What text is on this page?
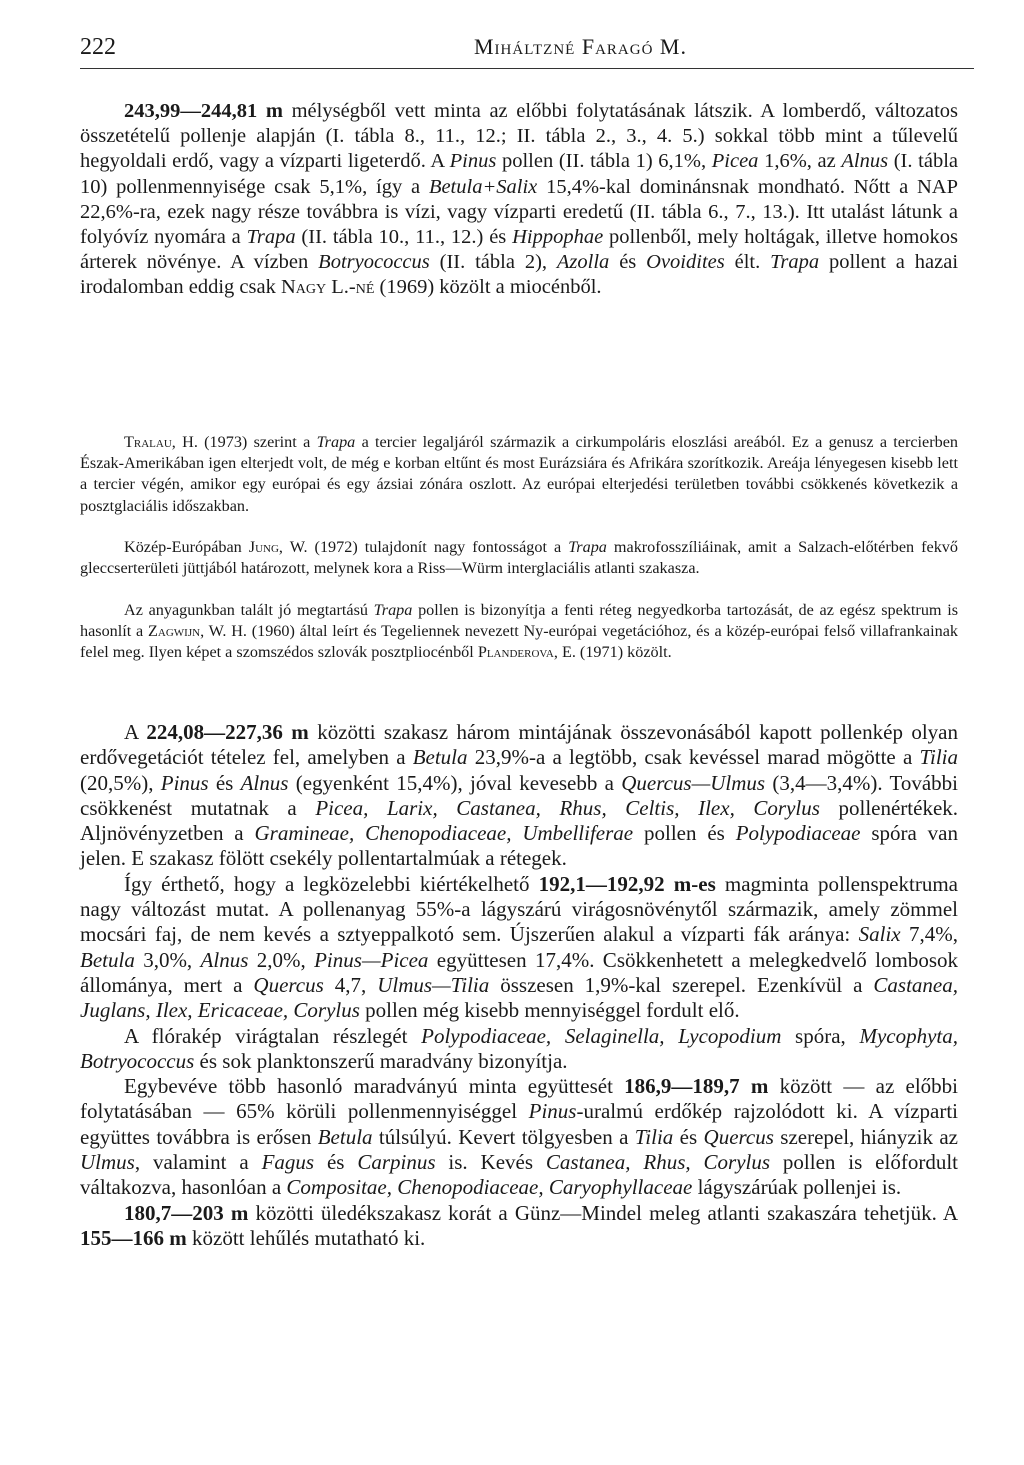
222	Miháltzné Faragó M.

243,99—244,81 m mélységből vett minta az előbbi folytatásának látszik. A lomberdő, változatos összetételű pollenje alapján (I. tábla 8., 11., 12.; II. tábla 2., 3., 4. 5.) sokkal több mint a tűlevelű hegyoldali erdő, vagy a vízparti ligeterdő. A Pinus pollen (II. tábla 1) 6,1%, Picea 1,6%, az Alnus (I. tábla 10) pollenmennyisége csak 5,1%, így a Betula+Salix 15,4%-kal dominánsnak mondható. Nőtt a NAP 22,6%-ra, ezek nagy része továbbra is vízi, vagy vízparti eredetű (II. tábla 6., 7., 13.). Itt utalást látunk a folyóvíz nyomára a Trapa (II. tábla 10., 11., 12.) és Hippophae pollenből, mely holtágak, illetve homokos árterek növénye. A vízben Botryococcus (II. tábla 2), Azolla és Ovoidites élt. Trapa pollent a hazai irodalomban eddig csak Nagy L.-né (1969) közölt a miocénből.

Tralau, H. (1973) szerint a Trapa a tercier legaljáról származik a cirkumpoláris eloszlási areából. Ez a genusz a tercierben Észak-Amerikában igen elterjedt volt, de még e korban eltűnt és most Eurázsiára és Afrikára szorítkozik. Areája lényegesen kisebb lett a tercier végén, amikor egy európai és egy ázsiai zónára oszlott. Az európai elterjedési területben további csökkenés következik a posztglaciális időszakban.

Közép-Európában Jung, W. (1972) tulajdonít nagy fontosságot a Trapa makrofosszíliáinak, amit a Salzach-előtérben fekvő gleccserterületi jüttjából határozott, melynek kora a Riss—Würm interglaciális atlanti szakasza.

Az anyagunkban talált jó megtartású Trapa pollen is bizonyítja a fenti réteg negyedkorba tartozását, de az egész spektrum is hasonlít a Zagwijn, W. H. (1960) által leírt és Tegeliennek nevezett Ny-európai vegetációhoz, és a közép-európai felső villafrankainak felel meg. Ilyen képet a szomszédos szlovák posztpliocénből Planderova, E. (1971) közölt.

A 224,08—227,36 m közötti szakasz három mintájának összevonásából kapott pollenkép olyan erdővegetációt tételez fel, amelyben a Betula 23,9%-a a legtöbb, csak kevéssel marad mögötte a Tilia (20,5%), Pinus és Alnus (egyenként 15,4%), jóval kevesebb a Quercus—Ulmus (3,4—3,4%). További csökkenést mutatnak a Picea, Larix, Castanea, Rhus, Celtis, Ilex, Corylus pollenértékek. Aljnövényzetben a Gramineae, Chenopodiaceae, Umbelliferae pollen és Polypodiaceae spóra van jelen. E szakasz fölött csekély pollentartalmúak a rétegek.

Így érthető, hogy a legközelebbi kiértékelhető 192,1—192,92 m-es magminta pollenspektruma nagy változást mutat. A pollenanyag 55%-a lágyszárú virágosnövénytől származik, amely zömmel mocsári faj, de nem kevés a sztyeppalkotó sem. Újszerűen alakul a vízparti fák aránya: Salix 7,4%, Betula 3,0%, Alnus 2,0%, Pinus—Picea együttesen 17,4%. Csökkenhetett a melegkedvelő lombosok állománya, mert a Quercus 4,7, Ulmus—Tilia összesen 1,9%-kal szerepel. Ezenkívül a Castanea, Juglans, Ilex, Ericaceae, Corylus pollen még kisebb mennyiséggel fordult elő.

A flórakép virágtalan részlegét Polypodiaceae, Selaginella, Lycopodium spóra, Mycophyta, Botryococcus és sok planktonszerű maradvány bizonyítja.

Egybevéve több hasonló maradványú minta együttesét 186,9—189,7 m között — az előbbi folytatásában — 65% körüli pollenmennyiséggel Pinus-uralmú erdőkép rajzolódott ki. A vízparti együttes továbbra is erősen Betula túlsúlyú. Kevert tölgyesben a Tilia és Quercus szerepel, hiányzik az Ulmus, valamint a Fagus és Carpinus is. Kevés Castanea, Rhus, Corylus pollen is előfordult váltakozva, hasonlóan a Compositae, Chenopodiaceae, Caryophyllaceae lágyszárúak pollenjei is.

180,7—203 m közötti üledékszakasz korát a Günz—Mindel meleg atlanti szakaszára tehetjük. A 155—166 m között lehűlés mutatható ki.
